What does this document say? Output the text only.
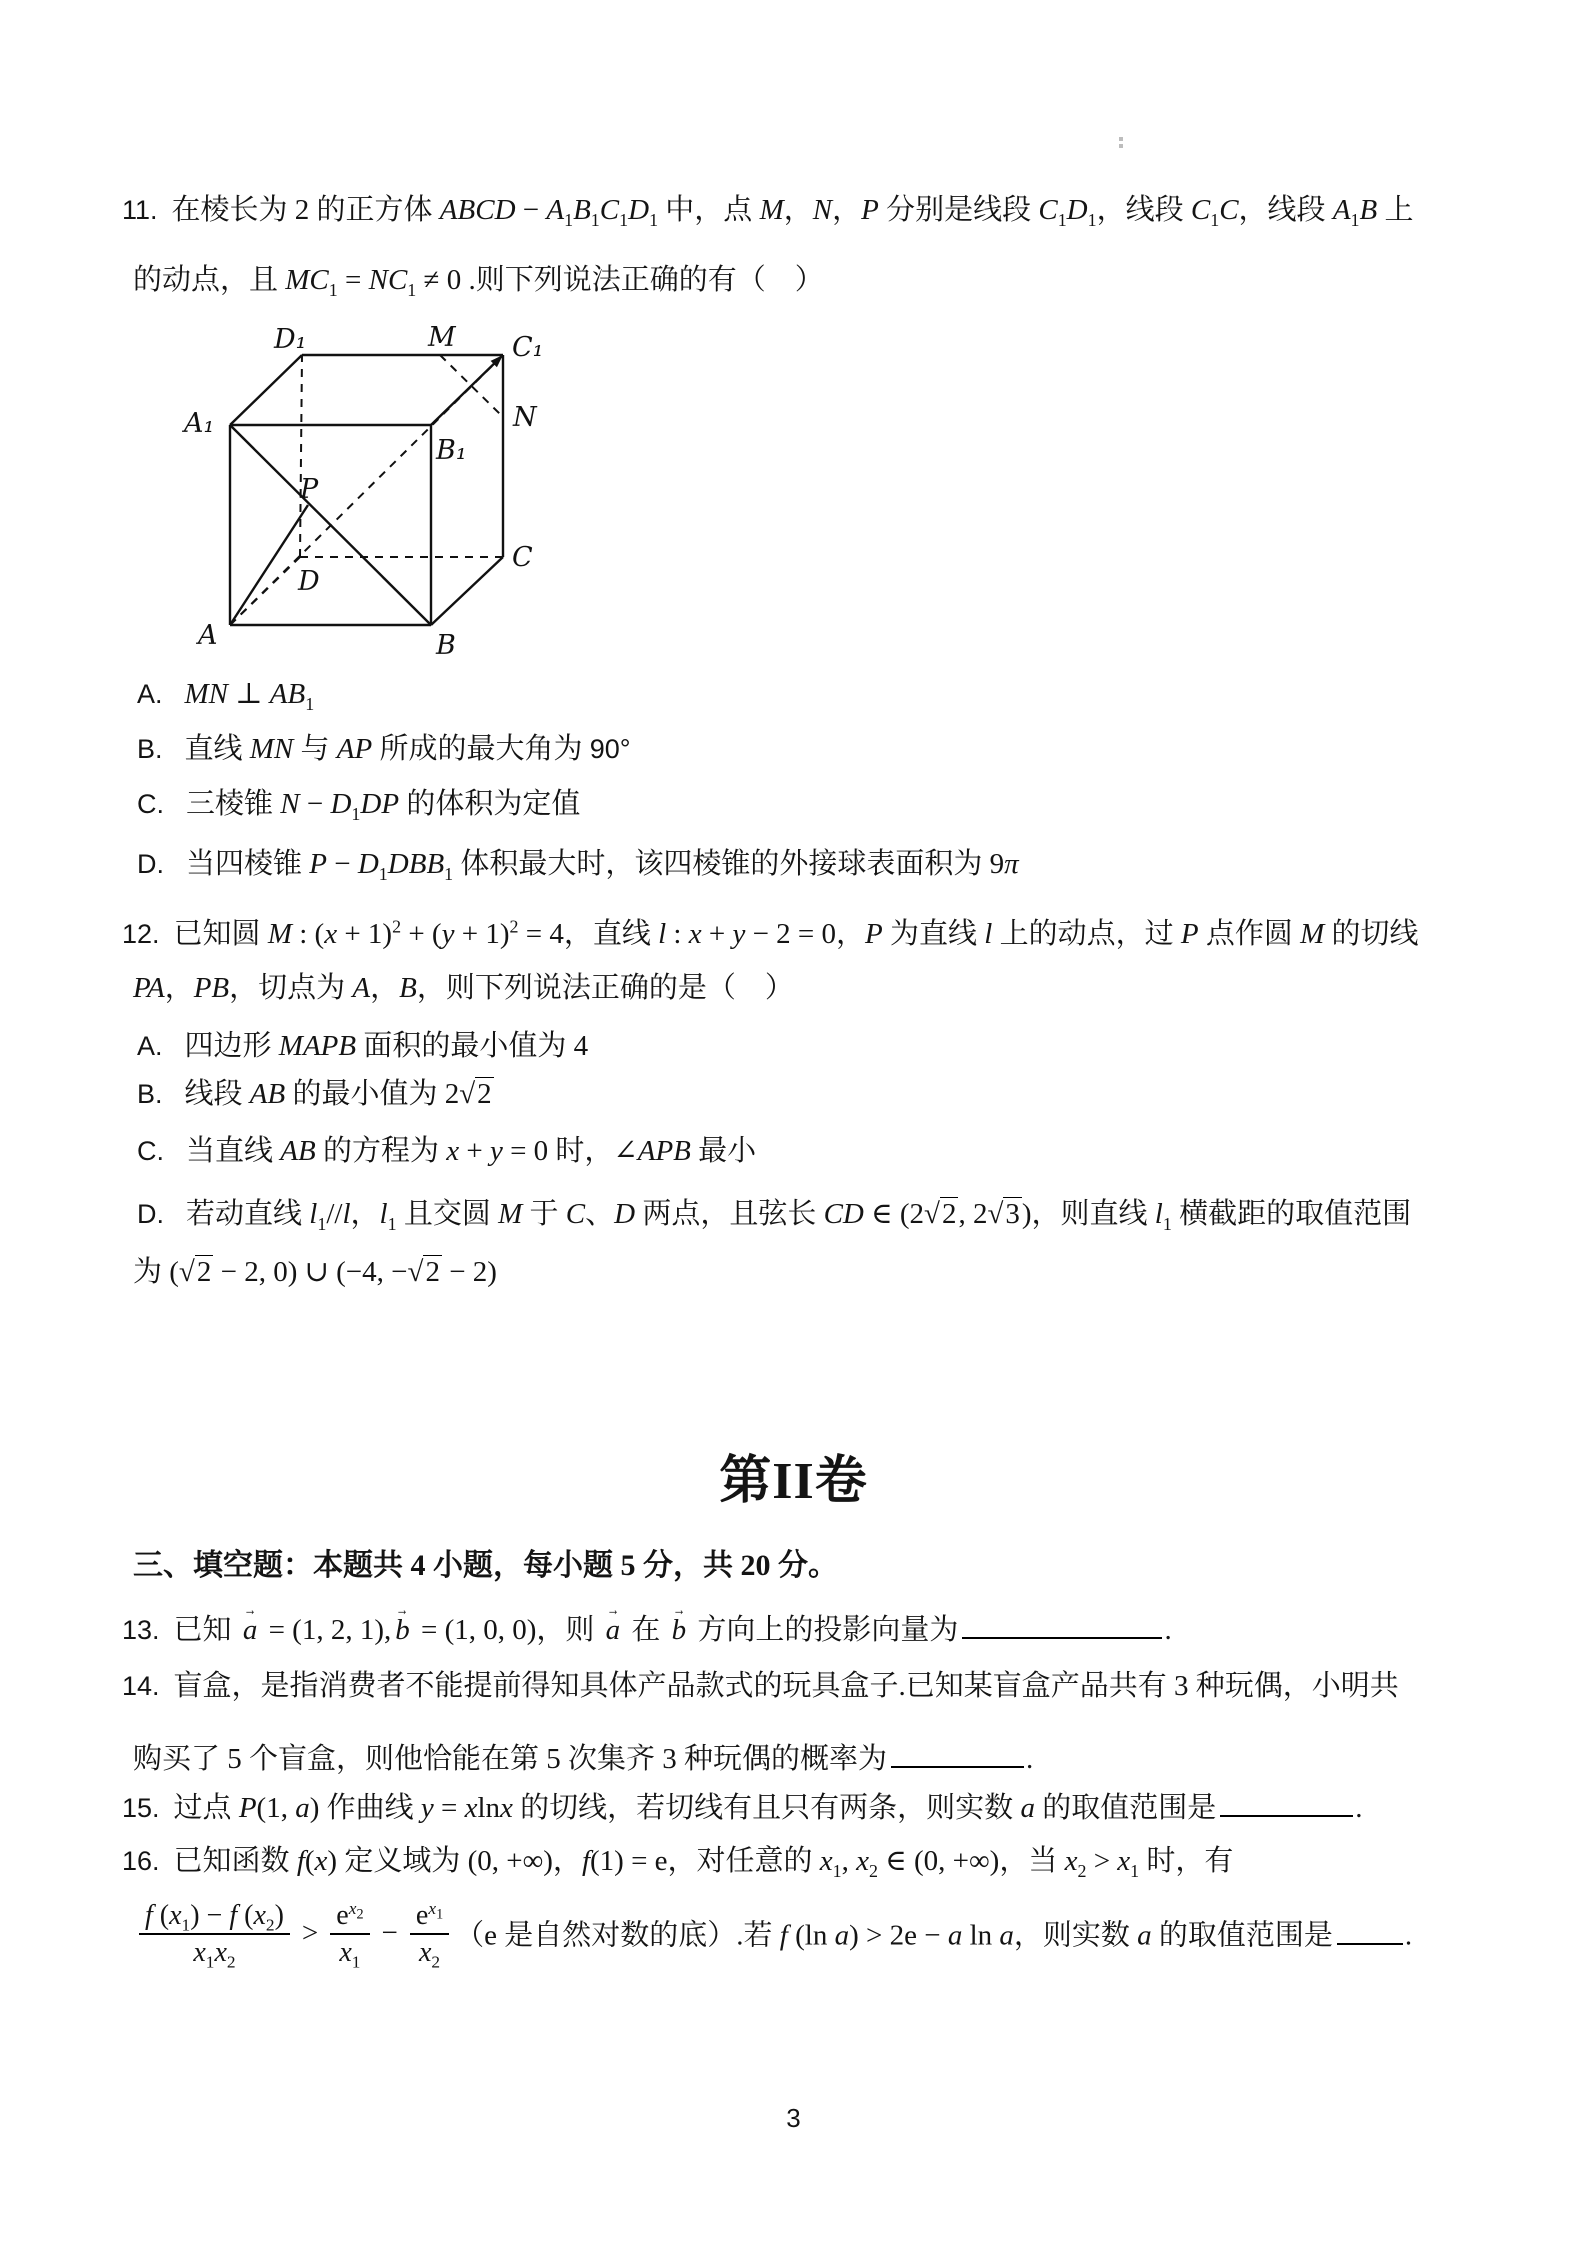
11. 在棱长为 2 的正方体 ABCD − $A_1B_1C_1D_1$ 中，点 M，N，P 分别是线段 $C_1D_1$，线段 $C_1C$，线段 $A_1B$ 上
的动点，且 $MC_1 = NC_1 \ne 0$ .则下列说法正确的有（　）
D₁	M C₁
A₁
B₁
N
P
D
C
A	B
A. MN ⊥ $AB_1$
B. 直线 MN 与 AP 所成的最大角为 90°
C. 三棱锥 $N - D_1DP$ 的体积为定值
D. 当四棱锥 $P - D_1DBB_1$ 体积最大时，该四棱锥的外接球表面积为 9π
12. 已知圆 M : $(x + 1)^2 + (y + 1)^2 = 4$，直线 l : x + y − 2 = 0，P 为直线 l 上的动点，过 P 点作圆 M 的切线
PA，PB，切点为 A，B，则下列说法正确的是（　）
A. 四边形 MAPB 面积的最小值为 4
B. 线段 AB 的最小值为 2√2
C. 当直线 AB 的方程为 x + y = 0 时，∠APB 最小
D. 若动直线 $l_1//l$，$l_1$ 且交圆 M 于 C、D 两点，且弦长 CD ∈ (2√2, 2√3)，则直线 $l_1$ 横截距的取值范围
为 (√2 − 2, 0) ∪ (−4, −√2 − 2)
第II卷
三、填空题：本题共 4 小题，每小题 5 分，共 20 分。
13. 已知 → a = (1, 2, 1), → b = (1, 0, 0)，则 → a 在 → b 方向上的投影向量为	.
14. 盲盒，是指消费者不能提前得知具体产品款式的玩具盒子.已知某盲盒产品共有 3 种玩偶，小明共
购买了 5 个盲盒，则他恰能在第 5 次集齐 3 种玩偶的概率为	.
15. 过点 P(1, a) 作曲线 y = xlnx 的切线，若切线有且只有两条，则实数 a 的取值范围是	.
16. 已知函数 f(x) 定义域为 (0, +∞)，f(1) = e，对任意的 $x_1$, $x_2$ ∈ (0, +∞)，当 $x_2 > x_1$ 时，有
$\frac{f (x_1) - f (x_2)}{x_1x_2} > \frac{e^{x_2}}{x_1} - \frac{e^{x_1}}{x_2} (e$ 是自然对数的底）.若 f (ln a) > 2e − a ln a，则实数 a 的取值范围是 .
3
